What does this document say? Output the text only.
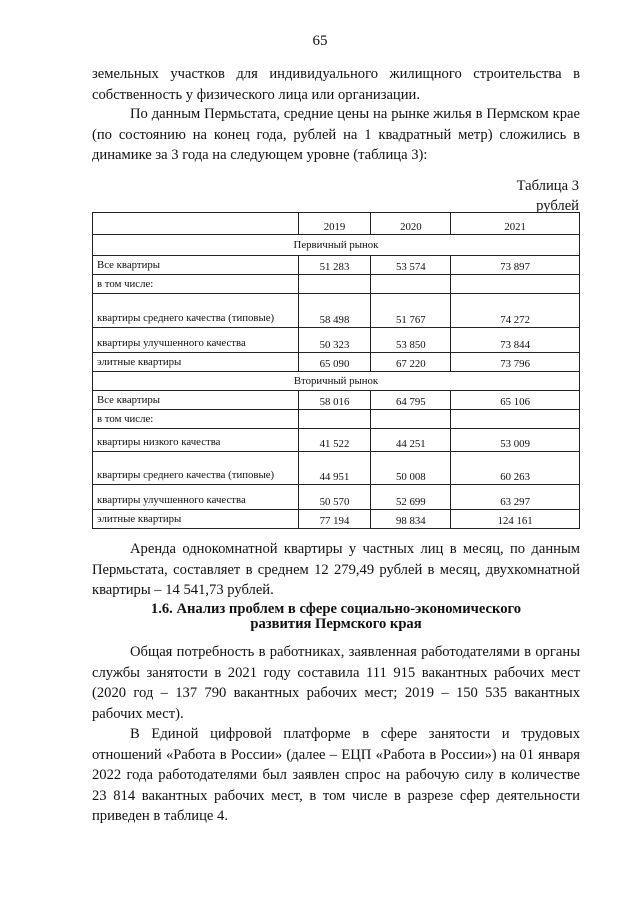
65

земельных участков для индивидуального жилищного строительства в собственность у физического лица или организации.

По данным Пермьстата, средние цены на рынке жилья в Пермском крае (по состоянию на конец года, рублей на 1 квадратный метр) сложились в динамике за 3 года на следующем уровне (таблица 3):

Таблица 3
рублей
	2019	2020	2021
Первичный рынок			
Все квартиры	51 283	53 574	73 897
в том числе:			
квартиры среднего качества (типовые)	58 498	51 767	74 272
квартиры улучшенного качества	50 323	53 850	73 844
элитные квартиры	65 090	67 220	73 796
Вторичный рынок			
Все квартиры	58 016	64 795	65 106
в том числе:			
квартиры низкого качества	41 522	44 251	53 009
квартиры среднего качества (типовые)	44 951	50 008	60 263
квартиры улучшенного качества	50 570	52 699	63 297
элитные квартиры	77 194	98 834	124 161

Аренда однокомнатной квартиры у частных лиц в месяц, по данным Пермьстата, составляет в среднем 12 279,49 рублей в месяц, двухкомнатной квартиры – 14 541,73 рублей.

1.6. Анализ проблем в сфере социально-экономического
развития Пермского края

Общая потребность в работниках, заявленная работодателями в органы службы занятости в 2021 году составила 111 915 вакантных рабочих мест (2020 год – 137 790 вакантных рабочих мест; 2019 – 150 535 вакантных рабочих мест).

В Единой цифровой платформе в сфере занятости и трудовых отношений «Работа в России» (далее – ЕЦП «Работа в России») на 01 января 2022 года работодателями был заявлен спрос на рабочую силу в количестве 23 814 вакантных рабочих мест, в том числе в разрезе сфер деятельности приведен в таблице 4.
